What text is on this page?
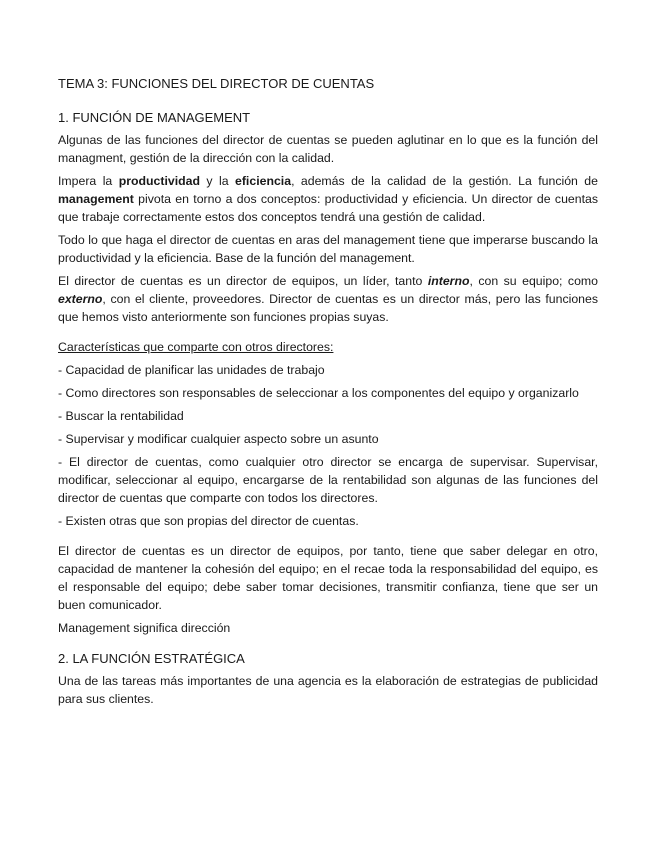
TEMA 3: FUNCIONES DEL DIRECTOR DE CUENTAS
1. FUNCIÓN DE MANAGEMENT

Algunas de las funciones del director de cuentas se pueden aglutinar en lo que es la función del managment, gestión de la dirección con la calidad.

Impera la productividad y la eficiencia, además de la calidad de la gestión. La función de management pivota en torno a dos conceptos: productividad y eficiencia. Un director de cuentas que trabaje correctamente estos dos conceptos tendrá una gestión de calidad.

Todo lo que haga el director de cuentas en aras del management tiene que imperarse buscando la productividad y la eficiencia. Base de la función del management.

El director de cuentas es un director de equipos, un líder, tanto interno, con su equipo; como externo, con el cliente, proveedores. Director de cuentas es un director más, pero las funciones que hemos visto anteriormente son funciones propias suyas.

Características que comparte con otros directores:

- Capacidad de planificar las unidades de trabajo

- Como directores son responsables de seleccionar a los componentes del equipo y organizarlo

- Buscar la rentabilidad

- Supervisar y modificar cualquier aspecto sobre un asunto

- El director de cuentas, como cualquier otro director se encarga de supervisar. Supervisar, modificar, seleccionar al equipo, encargarse de la rentabilidad son algunas de las funciones del director de cuentas que comparte con todos los directores.

- Existen otras que son propias del director de cuentas.

El director de cuentas es un director de equipos, por tanto, tiene que saber delegar en otro, capacidad de mantener la cohesión del equipo; en el recae toda la responsabilidad del equipo, es el responsable del equipo; debe saber tomar decisiones, transmitir confianza, tiene que ser un buen comunicador.

Management significa dirección

2. LA FUNCIÓN ESTRATÉGICA

Una de las tareas más importantes de una agencia es la elaboración de estrategias de publicidad para sus clientes.
